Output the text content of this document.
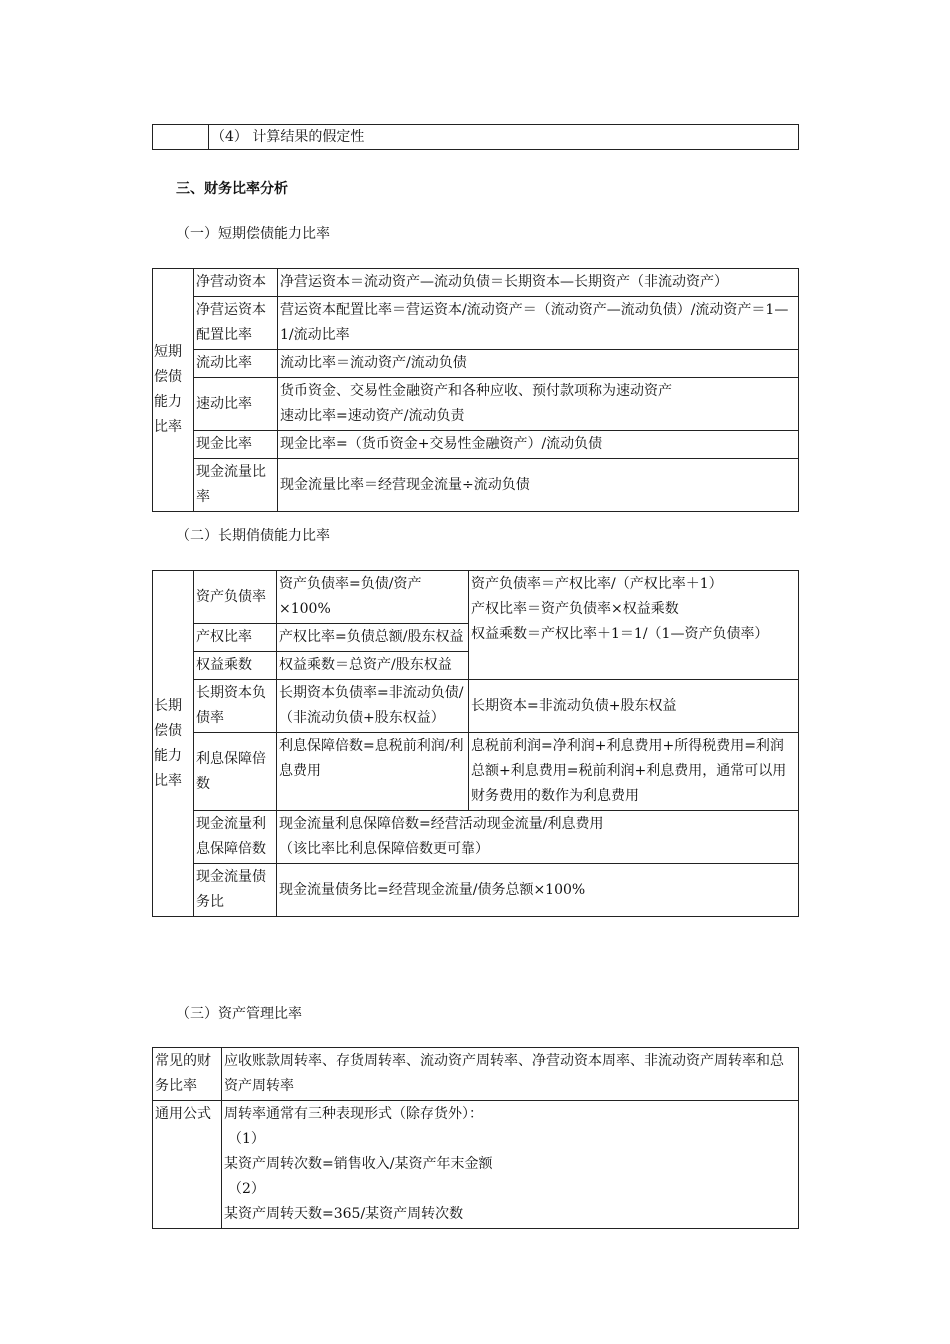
	（4） 计算结果的假定性
三、财务比率分析
（一）短期偿债能力比率
短期
偿债
能力
比率	净营动资本	净营运资本＝流动资产—流动负债＝长期资本—长期资产（非流动资产）
	净营运资本配置比率	营运资本配置比率＝营运资本/流动资产＝（流动资产—流动负债）/流动资产＝1—1/流动比率
	流动比率	流动比率＝流动资产/流动负债
	速动比率	货币资金、交易性金融资产和各种应收、预付款项称为速动资产
速动比率=速动资产/流动负责

	现金比率	现金比率=（货币资金+交易性金融资产）/流动负债
	现金流量比率	现金流量比率＝经营现金流量÷流动负债
（二）长期俏债能力比率
长期
偿债
能力
比率	资产负债率	资产负债率=负债/资产×100%	资产负债率＝产权比率/（产权比率＋1）
产权比率＝资产负债率×权益乘数
权益乘数＝产权比率＋1＝1/（1—资产负债率）

	产权比率	产权比率=负债总额/股东权益	
	权益乘数	权益乘数＝总资产/股东权益	
	长期资本负债率	长期资本负债率=非流动负债/（非流动负债+股东权益）	长期资本=非流动负债+股东权益
	利息保障倍数	利息保障倍数=息税前利润/利息费用	息税前利润=净利润+利息费用+所得税费用=利润总额+利息费用=税前利润+利息费用，通常可以用财务费用的数作为利息费用
	现金流量利息保障倍数	现金流量利息保障倍数=经营活动现金流量/利息费用
（该比率比利息保障倍数更可靠）	

	现金流量债务比	现金流量债务比=经营现金流量/债务总额×100%	
（三）资产管理比率
常见的财务比率	应收账款周转率、存货周转率、流动资产周转率、净营动资本周率、非流动资产周转率和总资产周转率
通用公式	周转率通常有三种表现形式（除存货外）：
（1）
某资产周转次数=销售收入/某资产年末金额
（2）
某资产周转天数=365/某资产周转次数
